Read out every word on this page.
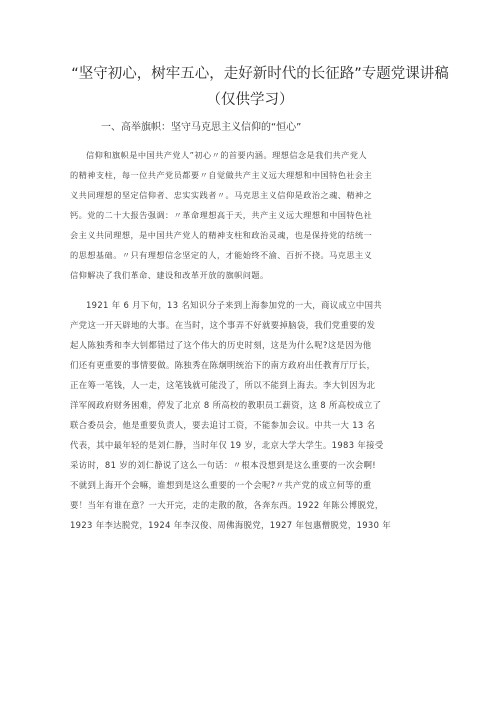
“坚守初心，树牢五心，走好新时代的长征路”专题党课讲稿
（仅供学习）
一、高举旗帜：坚守马克思主义信仰的“恒心”
信仰和旗帜是中国共产党人”初心〃的首要内涵。理想信念是我们共产党人
的精神支柱，每一位共产党员都要〃自觉做共产主义远大理想和中国特色社会主
义共同理想的坚定信仰者、忠实实践者〃。马克思主义信仰是政治之魂、精神之
钙。党的二十大报告强调：〃革命理想高于天，共产主义远大理想和中国特色社
会主义共同理想，是中国共产党人的精神支柱和政治灵魂，也是保持党的结统一
的思想基础。〃只有理想信念坚定的人，才能始终不渝、百折不挠。马克思主义
信仰解决了我们革命、建设和改革开放的旗帜问题。
1921 年 6 月下旬，13 名知识分子来到上海参加党的一大，商议成立中国共
产党这一开天辟地的大事。在当时，这个事弄不好就要掉脑袋，我们党重要的发
起人陈独秀和李大钊都错过了这个伟大的历史时刻，这是为什么呢?这是因为他
们还有更重要的事情要做。陈独秀在陈炯明统治下的南方政府出任教育厅厅长，
正在筹一笔钱，人一走，这笔钱就可能没了，所以不能到上海去。李大钊因为北
洋军阀政府财务困难，停发了北京 8 所高校的教职员工薪资，这 8 所高校成立了
联合委员会，他是重要负责人，要去追讨工资，不能参加会议。中共一大 13 名
代表，其中最年轻的是刘仁静，当时年仅 19 岁，北京大学大学生。1983 年接受
采访时，81 岁的刘仁静说了这么一句话：〃根本没想到是这么重要的一次会啊!
不就到上海开个会嘛，谁想到是这么重要的一个会呢?〃共产党的成立何等的重
要！当年有谁在意？一大开完，走的走散的散，各奔东西。1922 年陈公博脱党，
1923 年李达脱党，1924 年李汉俊、周佛海脱党，1927 年包惠僧脱党，1930 年
